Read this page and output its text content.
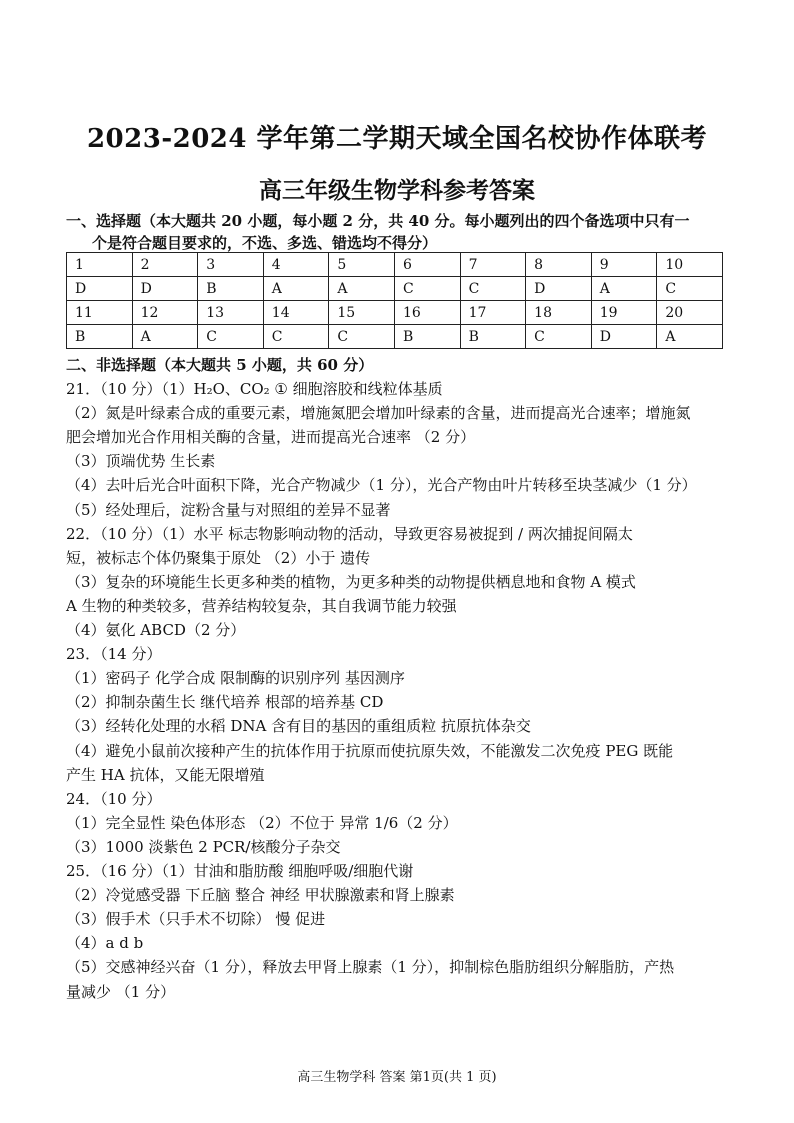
2023-2024 学年第二学期天域全国名校协作体联考
高三年级生物学科参考答案
一、选择题（本大题共 20 小题，每小题 2 分，共 40 分。每小题列出的四个备选项中只有一
个是符合题目要求的，不选、多选、错选均不得分）
1	2	3	4	5	6	7	8	9	10
D	D	B	A	A	C	C	D	A	C
11	12	13	14	15	16	17	18	19	20
B	A	C	C	C	B	B	C	D	A
二、非选择题（本大题共 5 小题，共 60 分）
21．（10 分）（1）H₂O、CO₂ ① 细胞溶胶和线粒体基质
（2）氮是叶绿素合成的重要元素，增施氮肥会增加叶绿素的含量，进而提高光合速率；增施氮
肥会增加光合作用相关酶的含量，进而提高光合速率 （2 分）
（3）顶端优势 生长素
（4）去叶后光合叶面积下降，光合产物减少（1 分），光合产物由叶片转移至块茎减少（1 分）
（5）经处理后，淀粉含量与对照组的差异不显著
22．（10 分）（1）水平 标志物影响动物的活动，导致更容易被捉到 / 两次捕捉间隔太
短，被标志个体仍聚集于原处 （2）小于 遗传
（3）复杂的环境能生长更多种类的植物，为更多种类的动物提供栖息地和食物 A 模式
A 生物的种类较多，营养结构较复杂，其自我调节能力较强
（4）氨化 ABCD（2 分）
23．（14 分）
（1）密码子 化学合成 限制酶的识别序列 基因测序
（2）抑制杂菌生长 继代培养 根部的培养基 CD
（3）经转化处理的水稻 DNA 含有目的基因的重组质粒 抗原抗体杂交
（4）避免小鼠前次接种产生的抗体作用于抗原而使抗原失效，不能激发二次免疫 PEG 既能
产生 HA 抗体，又能无限增殖
24．（10 分）
（1）完全显性 染色体形态 （2）不位于 异常 1/6（2 分）
（3）1000 淡紫色 2 PCR/核酸分子杂交
25．（16 分）（1）甘油和脂肪酸 细胞呼吸/细胞代谢
（2）冷觉感受器 下丘脑 整合 神经 甲状腺激素和肾上腺素
（3）假手术（只手术不切除） 慢 促进
（4）a d b
（5）交感神经兴奋（1 分），释放去甲肾上腺素（1 分），抑制棕色脂肪组织分解脂肪，产热
量减少 （1 分）
高三生物学科 答案 第1页(共 1 页)
